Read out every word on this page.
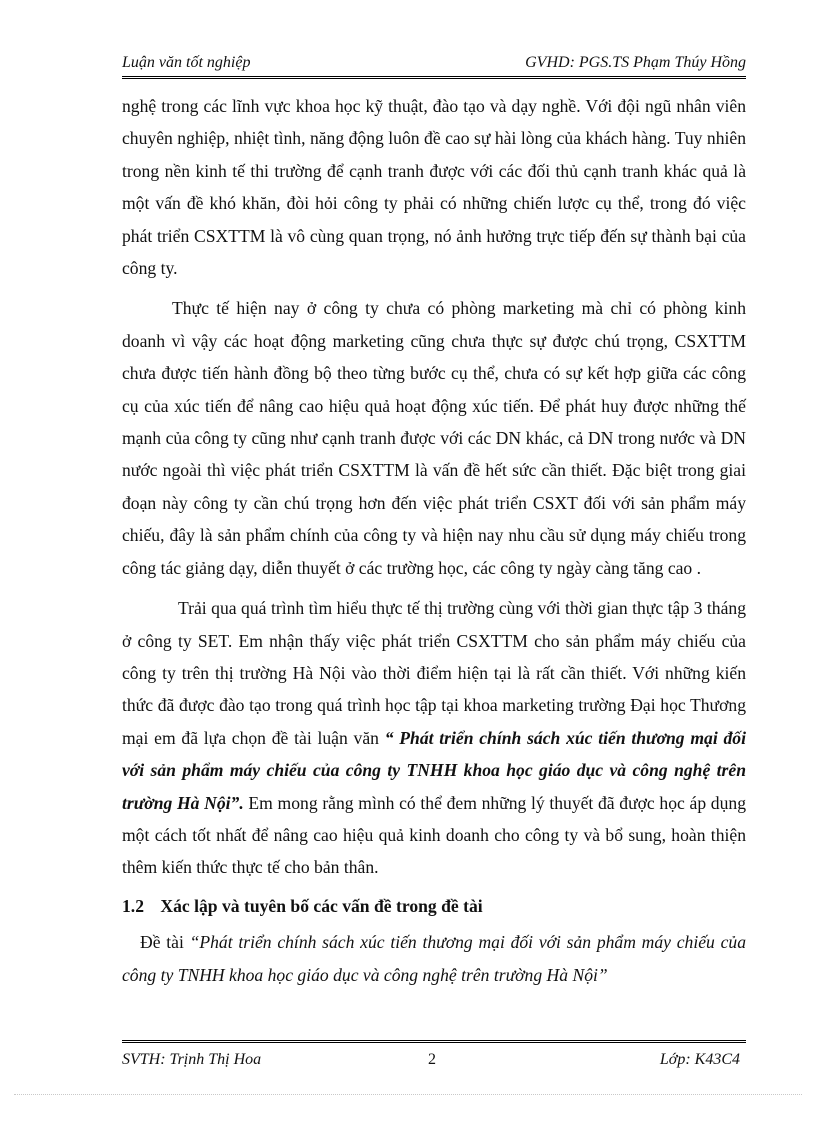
Luận văn tốt nghiệp	GVHD: PGS.TS Phạm Thúy Hồng

nghệ trong các lĩnh vực khoa học kỹ thuật, đào tạo và dạy nghề. Với đội ngũ nhân viên chuyên nghiệp, nhiệt tình, năng động luôn đề cao sự hài lòng của khách hàng. Tuy nhiên trong nền kinh tế thi trường để cạnh tranh được với các đối thủ cạnh tranh khác quả là một vấn đề khó khăn, đòi hỏi công ty phải có những chiến lược cụ thể, trong đó việc phát triển CSXTTM là vô cùng quan trọng, nó ảnh hưởng trực tiếp đến sự thành bại của công ty.

Thực tế hiện nay ở công ty chưa có phòng marketing mà chỉ có phòng kinh doanh vì vậy các hoạt động marketing cũng chưa thực sự được chú trọng, CSXTTM chưa được tiến hành đồng bộ theo từng bước cụ thể, chưa có sự kết hợp giữa các công cụ của xúc tiến để nâng cao hiệu quả hoạt động xúc tiến. Để phát huy được những thế mạnh của công ty cũng như cạnh tranh được với các DN khác, cả DN trong nước và DN nước ngoài thì việc phát triển CSXTTM là vấn đề hết sức cần thiết. Đặc biệt trong giai đoạn này công ty cần chú trọng hơn đến việc phát triển CSXT đối với sản phẩm máy chiếu, đây là sản phẩm chính của công ty và hiện nay nhu cầu sử dụng máy chiếu trong công tác giảng dạy, diễn thuyết ở các trường học, các công ty ngày càng tăng cao .

Trải qua quá trình tìm hiểu thực tế thị trường cùng với thời gian thực tập 3 tháng ở công ty SET. Em nhận thấy việc phát triển CSXTTM cho sản phẩm máy chiếu của công ty trên thị trường Hà Nội vào thời điểm hiện tại là rất cần thiết. Với những kiến thức đã được đào tạo trong quá trình học tập tại khoa marketing trường Đại học Thương mại em đã lựa chọn đề tài luận văn “ Phát triển chính sách xúc tiến thương mại đối với sản phẩm máy chiếu của công ty TNHH khoa học giáo dục và công nghệ trên trường Hà Nội”. Em mong rằng mình có thể đem những lý thuyết đã được học áp dụng một cách tốt nhất để nâng cao hiệu quả kinh doanh cho công ty và bổ sung, hoàn thiện thêm kiến thức thực tế cho bản thân.

1.2 Xác lập và tuyên bố các vấn đề trong đề tài

Đề tài “Phát triển chính sách xúc tiến thương mại đối với sản phẩm máy chiếu của công ty TNHH khoa học giáo dục và công nghệ trên trường Hà Nội”

SVTH: Trịnh Thị Hoa	2	Lớp: K43C4
